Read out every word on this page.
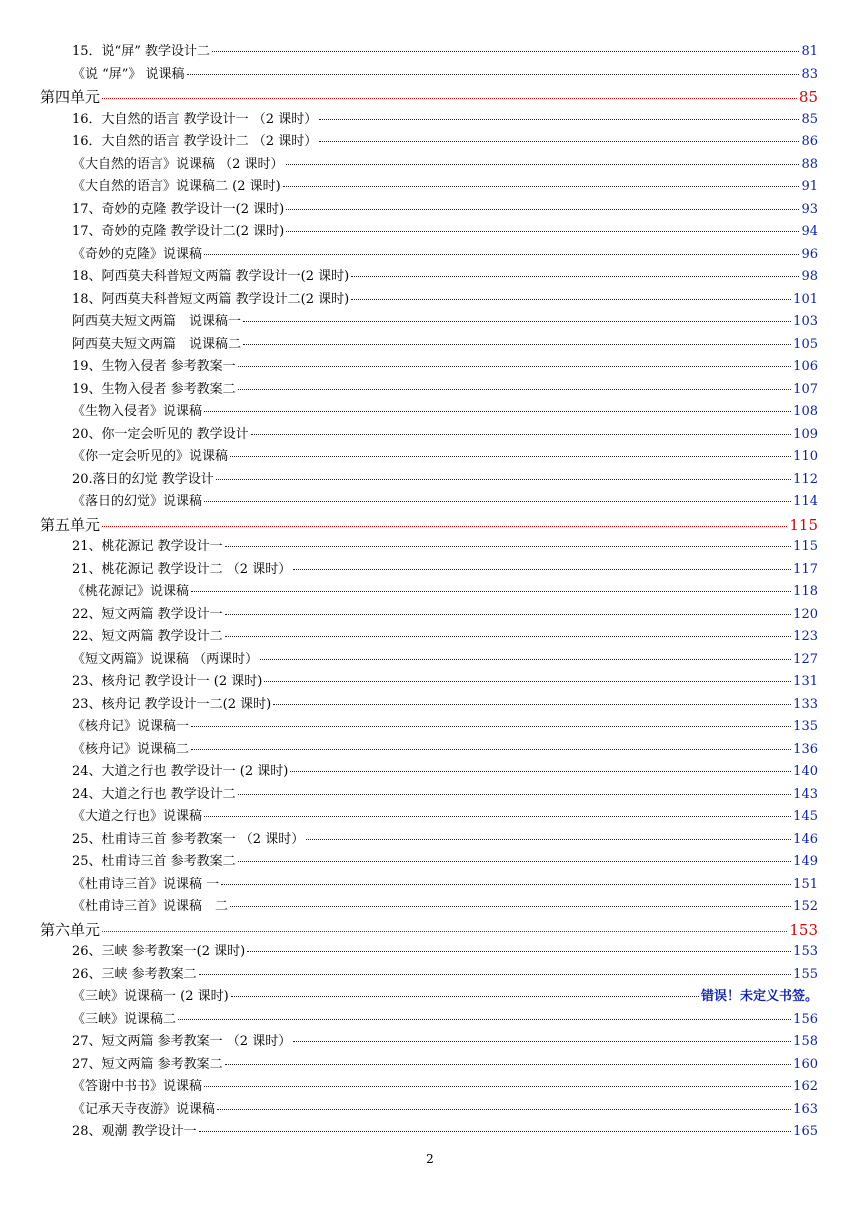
15．说“屏” 教学设计二	81
《说 “屏”》 说课稿	83
第四单元	85
16．大自然的语言 教学设计一 （2 课时）	85
16．大自然的语言 教学设计二 （2 课时）	86
《大自然的语言》说课稿 （2 课时）	88
《大自然的语言》说课稿二 (2 课时)	91
17、奇妙的克隆 教学设计一(2 课时)	93
17、奇妙的克隆 教学设计二(2 课时)	94
《奇妙的克隆》说课稿	96
18、阿西莫夫科普短文两篇 教学设计一(2 课时)	98
18、阿西莫夫科普短文两篇 教学设计二(2 课时)	101
阿西莫夫短文两篇　说课稿一	103
阿西莫夫短文两篇　说课稿二	105
19、生物入侵者 参考教案一	106
19、生物入侵者 参考教案二	107
《生物入侵者》说课稿	108
20、你一定会听见的 教学设计	109
《你一定会听见的》说课稿	110
20.落日的幻觉 教学设计	112
《落日的幻觉》说课稿	114
第五单元	115
21、桃花源记 教学设计一	115
21、桃花源记 教学设计二 （2 课时）	117
《桃花源记》说课稿	118
22、短文两篇 教学设计一	120
22、短文两篇 教学设计二	123
《短文两篇》说课稿 （两课时）	127
23、核舟记 教学设计一 (2 课时)	131
23、核舟记 教学设计一二(2 课时)	133
《核舟记》说课稿一	135
《核舟记》说课稿二	136
24、大道之行也 教学设计一 (2 课时)	140
24、大道之行也 教学设计二	143
《大道之行也》说课稿	145
25、杜甫诗三首 参考教案一 （2 课时）	146
25、杜甫诗三首 参考教案二	149
《杜甫诗三首》说课稿 一	151
《杜甫诗三首》说课稿　二	152
第六单元	153
26、三峡 参考教案一(2 课时)	153
26、三峡 参考教案二	155
《三峡》说课稿一 (2 课时)	错误！未定义书签。
《三峡》说课稿二	156
27、短文两篇 参考教案一 （2 课时）	158
27、短文两篇 参考教案二	160
《答谢中书书》说课稿	162
《记承天寺夜游》说课稿	163
28、观潮 教学设计一	165
2
